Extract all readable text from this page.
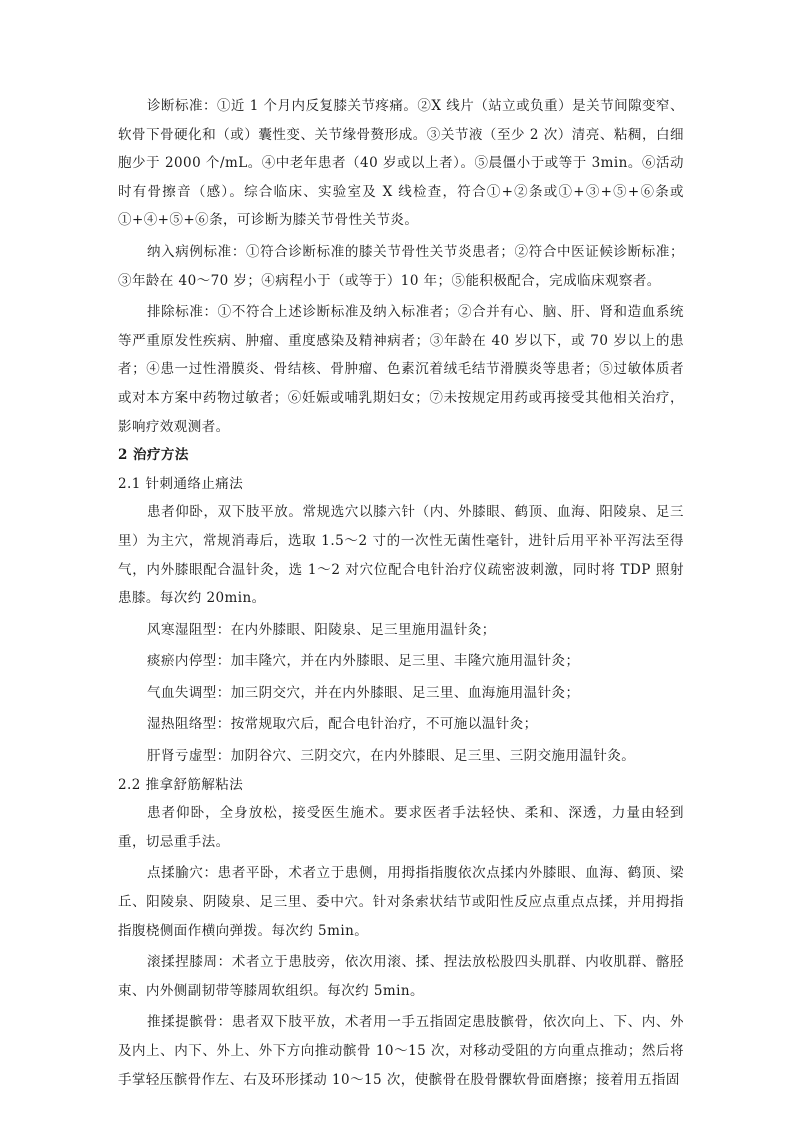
诊断标准：①近 1 个月内反复膝关节疼痛。②X 线片（站立或负重）是关节间隙变窄、软骨下骨硬化和（或）囊性变、关节缘骨赘形成。③关节液（至少 2 次）清亮、粘稠，白细胞少于 2000 个/mL。④中老年患者（40 岁或以上者）。⑤晨僵小于或等于 3min。⑥活动时有骨擦音（感）。综合临床、实验室及 X 线检查，符合①+②条或①+③+⑤+⑥条或①+④+⑤+⑥条，可诊断为膝关节骨性关节炎。

纳入病例标准：①符合诊断标准的膝关节骨性关节炎患者；②符合中医证候诊断标准；③年龄在 40～70 岁；④病程小于（或等于）10 年；⑤能积极配合，完成临床观察者。

排除标准：①不符合上述诊断标准及纳入标准者；②合并有心、脑、肝、肾和造血系统等严重原发性疾病、肿瘤、重度感染及精神病者；③年龄在 40 岁以下，或 70 岁以上的患者；④患一过性滑膜炎、骨结核、骨肿瘤、色素沉着绒毛结节滑膜炎等患者；⑤过敏体质者或对本方案中药物过敏者；⑥妊娠或哺乳期妇女；⑦未按规定用药或再接受其他相关治疗，影响疗效观测者。

2 治疗方法

2.1 针刺通络止痛法

患者仰卧，双下肢平放。常规选穴以膝六针（内、外膝眼、鹤顶、血海、阳陵泉、足三里）为主穴，常规消毒后，选取 1.5～2 寸的一次性无菌性毫针，进针后用平补平泻法至得气，内外膝眼配合温针灸，选 1～2 对穴位配合电针治疗仪疏密波刺激，同时将 TDP 照射患膝。每次约 20min。

风寒湿阻型：在内外膝眼、阳陵泉、足三里施用温针灸；

痰瘀内停型：加丰隆穴，并在内外膝眼、足三里、丰隆穴施用温针灸；

气血失调型：加三阴交穴，并在内外膝眼、足三里、血海施用温针灸；

湿热阻络型：按常规取穴后，配合电针治疗，不可施以温针灸；

肝肾亏虚型：加阴谷穴、三阴交穴，在内外膝眼、足三里、三阴交施用温针灸。

2.2 推拿舒筋解粘法

患者仰卧，全身放松，接受医生施术。要求医者手法轻快、柔和、深透，力量由轻到重，切忌重手法。

点揉腧穴：患者平卧，术者立于患侧，用拇指指腹依次点揉内外膝眼、血海、鹤顶、梁丘、阳陵泉、阴陵泉、足三里、委中穴。针对条索状结节或阳性反应点重点点揉，并用拇指指腹桡侧面作横向弹拨。每次约 5min。

滚揉捏膝周：术者立于患肢旁，依次用滚、揉、捏法放松股四头肌群、内收肌群、髂胫束、内外侧副韧带等膝周软组织。每次约 5min。

推揉提髌骨：患者双下肢平放，术者用一手五指固定患肢髌骨，依次向上、下、内、外及内上、内下、外上、外下方向推动髌骨 10～15 次，对移动受阻的方向重点推动；然后将手掌轻压髌骨作左、右及环形揉动 10～15 次，使髌骨在股骨髁软骨面磨擦；接着用五指固
